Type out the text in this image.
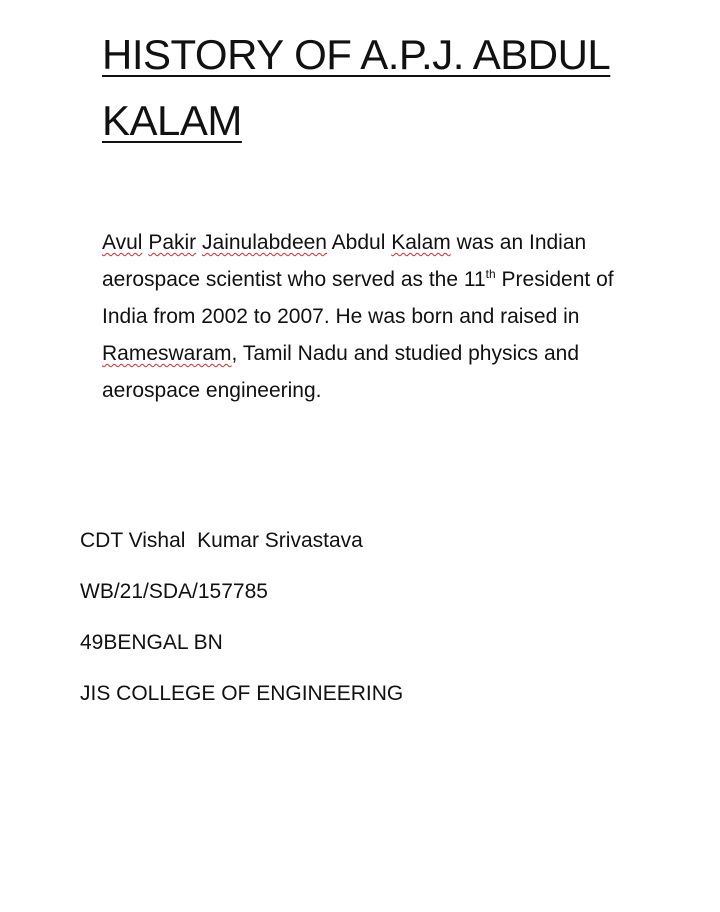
HISTORY OF A.P.J. ABDUL KALAM

Avul Pakir Jainulabdeen Abdul Kalam was an Indian aerospace scientist who served as the 11th President of India from 2002 to 2007. He was born and raised in Rameswaram, Tamil Nadu and studied physics and aerospace engineering.

CDT Vishal  Kumar Srivastava

WB/21/SDA/157785

49BENGAL BN

JIS COLLEGE OF ENGINEERING
